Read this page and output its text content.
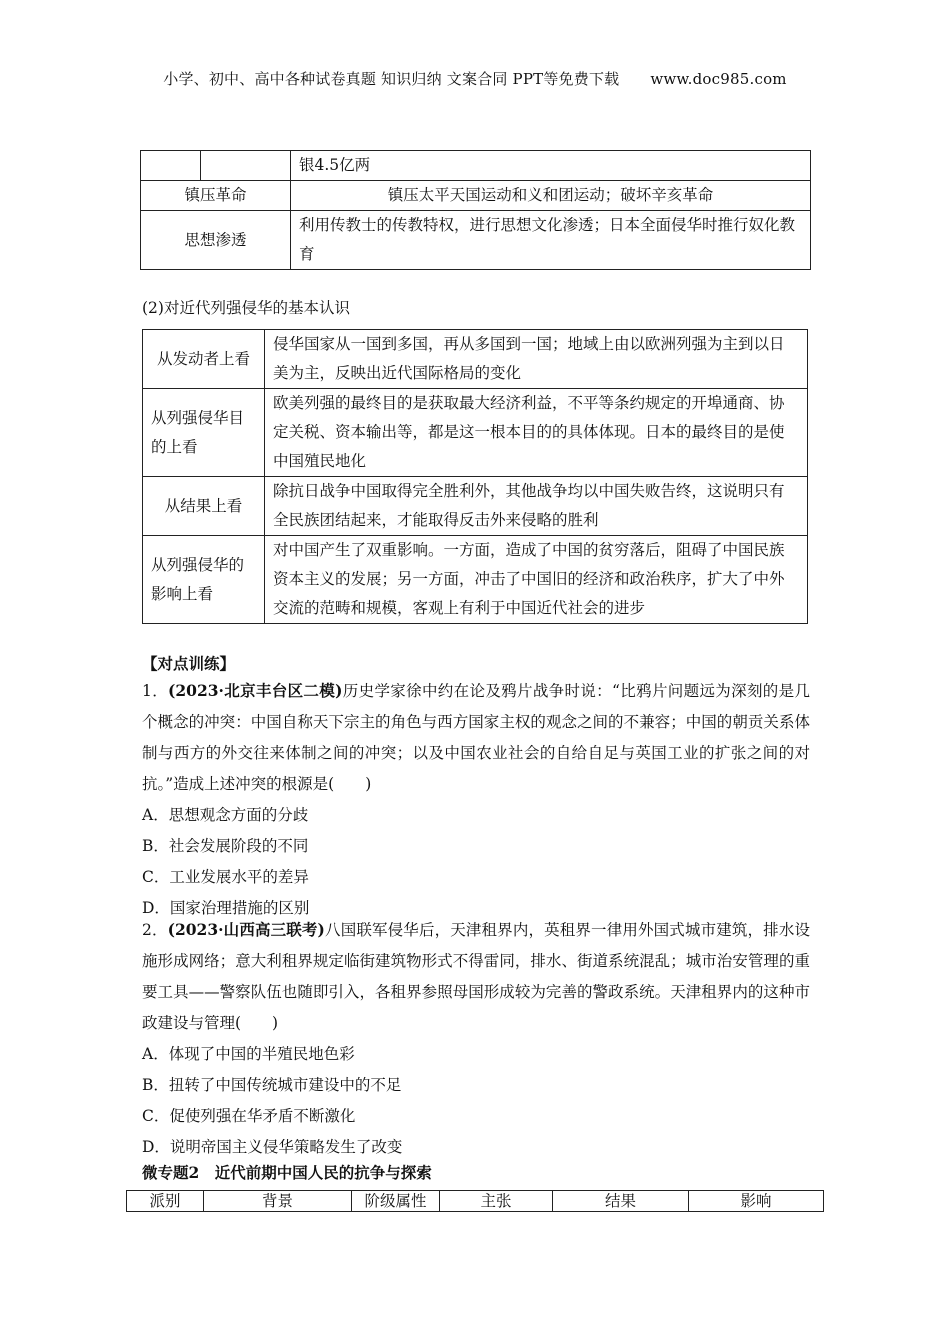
小学、初中、高中各种试卷真题 知识归纳 文案合同 PPT等免费下载 www.doc985.com
		银4.5亿两
镇压革命		镇压太平天国运动和义和团运动；破坏辛亥革命
思想渗透		利用传教士的传教特权，进行思想文化渗透；日本全面侵华时推行奴化教育
(2)对近代列强侵华的基本认识
从发动者上看	侵华国家从一国到多国，再从多国到一国；地域上由以欧洲列强为主到以日美为主，反映出近代国际格局的变化
从列强侵华目的上看	欧美列强的最终目的是获取最大经济利益，不平等条约规定的开埠通商、协定关税、资本输出等，都是这一根本目的的具体体现。日本的最终目的是使中国殖民地化
从结果上看	除抗日战争中国取得完全胜利外，其他战争均以中国失败告终，这说明只有全民族团结起来，才能取得反击外来侵略的胜利
从列强侵华的影响上看	对中国产生了双重影响。一方面，造成了中国的贫穷落后，阻碍了中国民族资本主义的发展；另一方面，冲击了中国旧的经济和政治秩序，扩大了中外交流的范畴和规模，客观上有利于中国近代社会的进步
【对点训练】
1．(2023·北京丰台区二模)历史学家徐中约在论及鸦片战争时说：“比鸦片问题远为深刻的是几个概念的冲突：中国自称天下宗主的角色与西方国家主权的观念之间的不兼容；中国的朝贡关系体制与西方的外交往来体制之间的冲突；以及中国农业社会的自给自足与英国工业的扩张之间的对抗。”造成上述冲突的根源是(　　)
A．思想观念方面的分歧
B．社会发展阶段的不同
C．工业发展水平的差异
D．国家治理措施的区别
2．(2023·山西高三联考)八国联军侵华后，天津租界内，英租界一律用外国式城市建筑，排水设施形成网络；意大利租界规定临街建筑物形式不得雷同，排水、街道系统混乱；城市治安管理的重要工具——警察队伍也随即引入，各租界参照母国形成较为完善的警政系统。天津租界内的这种市政建设与管理(　　)
A．体现了中国的半殖民地色彩
B．扭转了中国传统城市建设中的不足
C．促使列强在华矛盾不断激化
D．说明帝国主义侵华策略发生了改变
微专题2　近代前期中国人民的抗争与探索
派别	背景	阶级属性	主张	结果	影响
